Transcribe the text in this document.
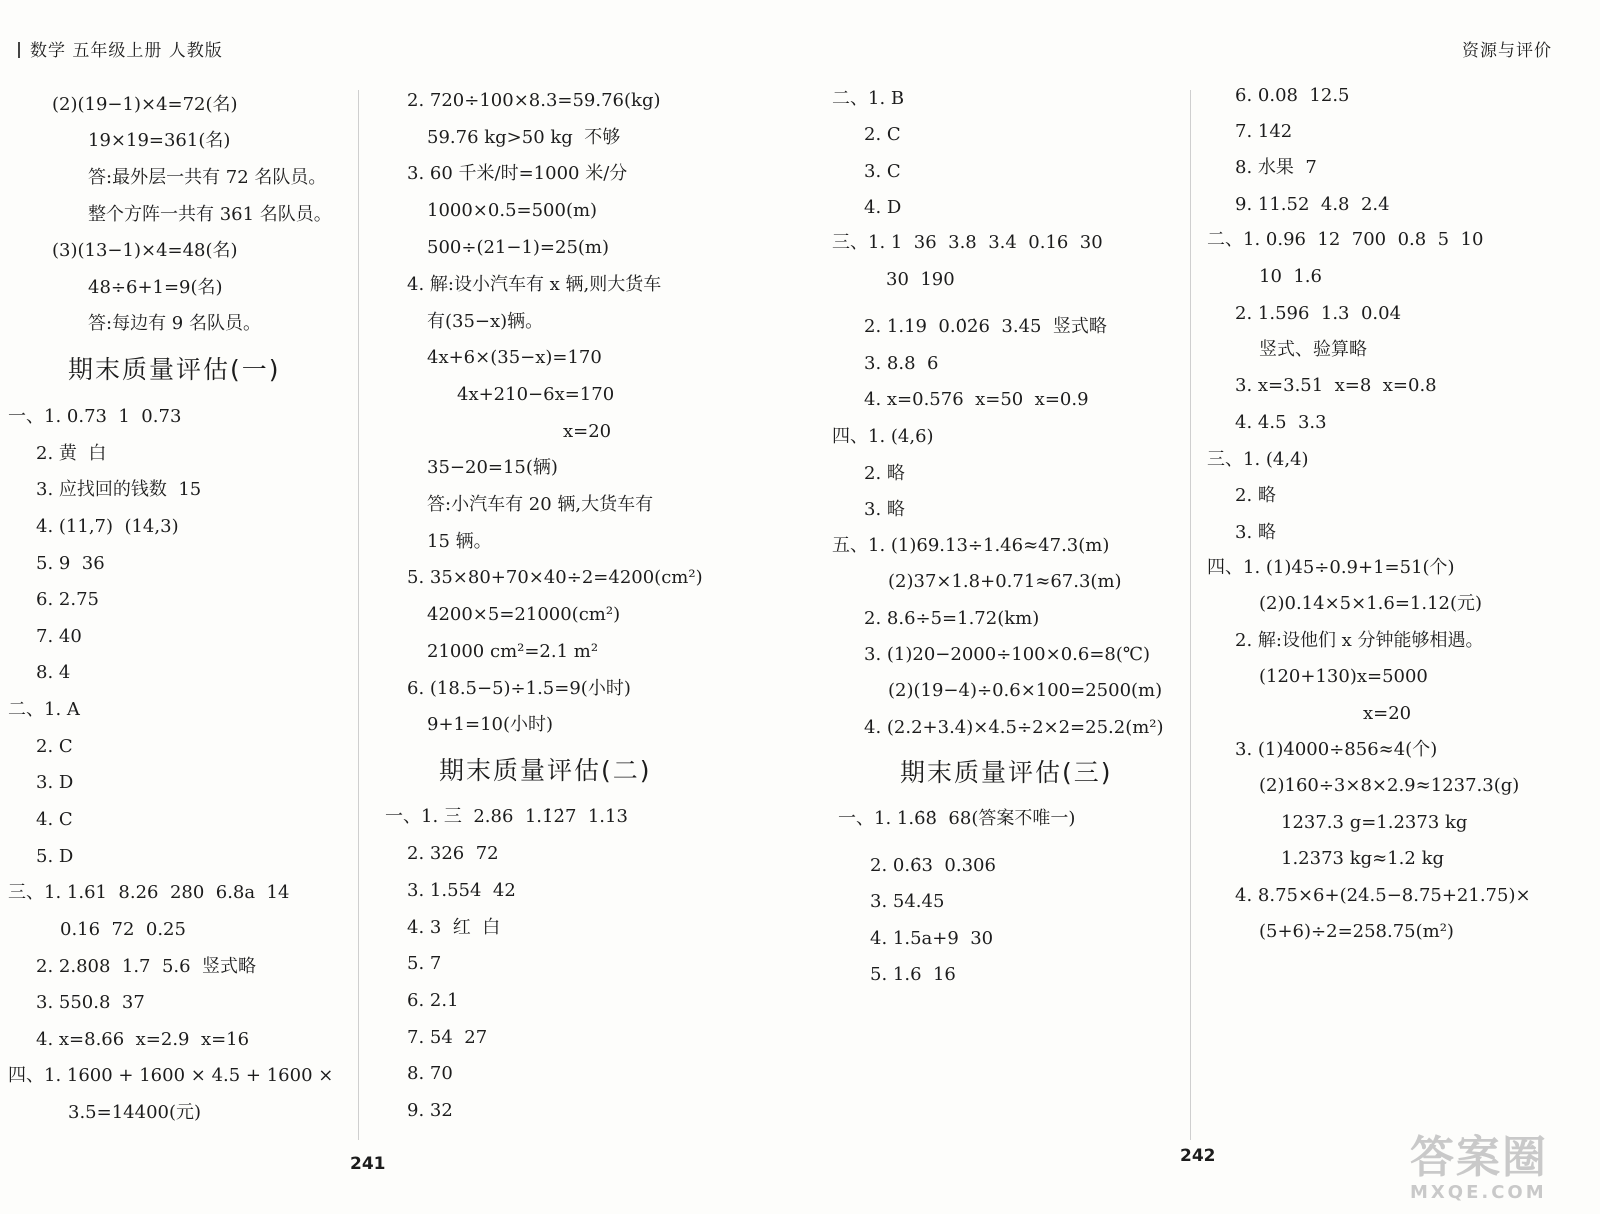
数学 五年级上册 人教版	资源与评价
(2)(19−1)×4=72(名)
19×19=361(名)
答:最外层一共有 72 名队员。
整个方阵一共有 361 名队员。
(3)(13−1)×4=48(名)
48÷6+1=9(名)
答:每边有 9 名队员。
期末质量评估(一)
一、1. 0.73  1  0.73
2. 黄  白
3. 应找回的钱数  15
4. (11,7)  (14,3)
5. 9  36
6. 2.75
7. 40
8. 4
二、1. A
2. C
3. D
4. C
5. D
三、1. 1.61  8.26  280  6.8a  14
0.16  72  0.25
2. 2.808  1.7  5.6  竖式略
3. 550.8  37
4. x=8.66  x=2.9  x=16
四、1. 1600 + 1600 × 4.5 + 1600 ×
3.5=14400(元)
2. 720÷100×8.3=59.76(kg)
59.76 kg>50 kg  不够
3. 60 千米/时=1000 米/分
1000×0.5=500(m)
500÷(21−1)=25(m)
4. 解:设小汽车有 x 辆,则大货车
有(35−x)辆。
4x+6×(35−x)=170
4x+210−6x=170
x=20
35−20=15(辆)
答:小汽车有 20 辆,大货车有
15 辆。
5. 35×80+70×40÷2=4200(cm²)
4200×5=21000(cm²)
21000 cm²=2.1 m²
6. (18.5−5)÷1.5=9(小时)
9+1=10(小时)
期末质量评估(二)
一、1. 三  2.86  1.1̇2̇7  1.13
2. 326  72
3. 1.554  42
4. 3  红  白
5. 7
6. 2.1
7. 54  27
8. 70
9. 32
二、1. B
2. C
3. C
4. D
三、1. 1  36  3.8  3.4  0.16  30
30  190
2. 1.19  0.0̇2̇6  3.45  竖式略
3. 8.8  6
4. x=0.576  x=50  x=0.9
四、1. (4,6)
2. 略
3. 略
五、1. (1)69.13÷1.46≈47.3(m)
(2)37×1.8+0.71≈67.3(m)
2. 8.6÷5=1.72(km)
3. (1)20−2000÷100×0.6=8(℃)
(2)(19−4)÷0.6×100=2500(m)
4. (2.2+3.4)×4.5÷2×2=25.2(m²)
期末质量评估(三)
一、1. 1.6̇8̇  68(答案不唯一)
2. 0.6̇3  0.306
3. 54.45
4. 1.5a+9  30
5. 1.6  16
6. 0.08  12.5
7. 142
8. 水果  7
9. 11.52  4.8  2.4
二、1. 0.96  12  700  0.8  5  10
10  1.6
2. 1.596  1.3  0.04
竖式、验算略
3. x=3.51  x=8  x=0.8
4. 4.5  3.3
三、1. (4,4)
2. 略
3. 略
四、1. (1)45÷0.9+1=51(个)
(2)0.14×5×1.6=1.12(元)
2. 解:设他们 x 分钟能够相遇。
(120+130)x=5000
x=20
3. (1)4000÷856≈4(个)
(2)160÷3×8×2.9≈1237.3(g)
1237.3 g=1.2373 kg
1.2373 kg≈1.2 kg
4. 8.75×6+(24.5−8.75+21.75)×
(5+6)÷2=258.75(m²)
241	242	答案圈
MXQE.COM
